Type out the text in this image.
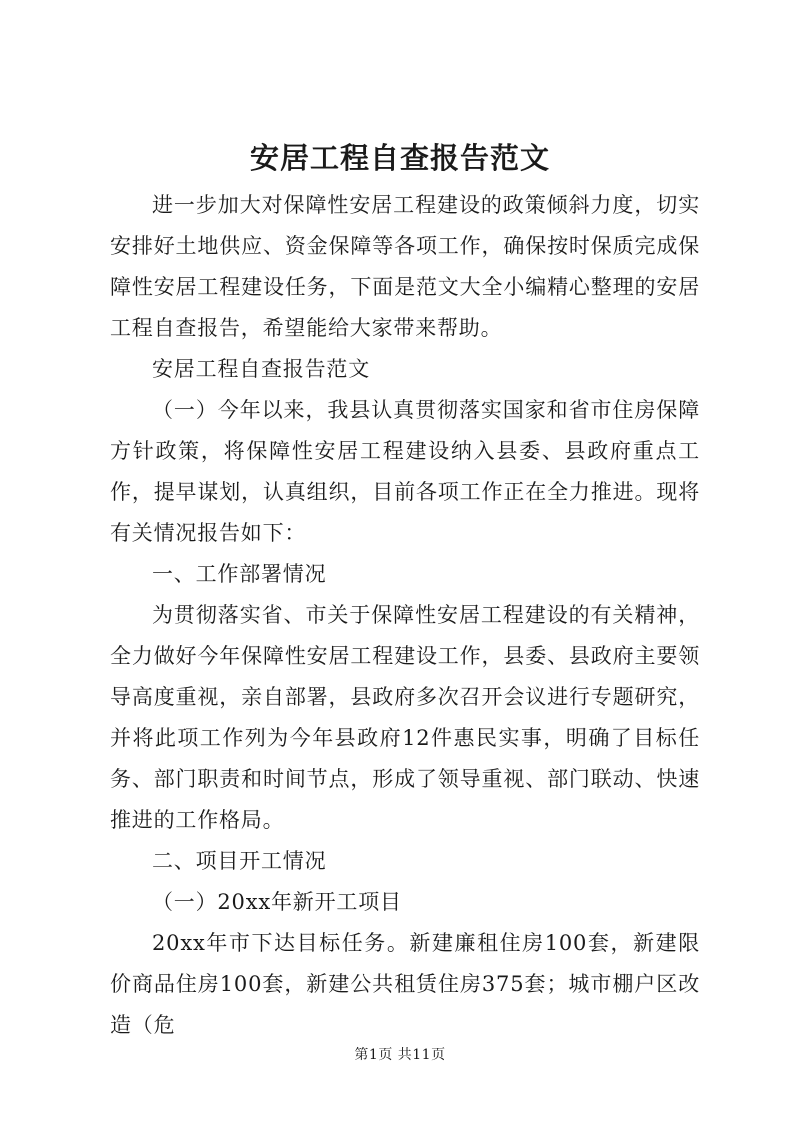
安居工程自查报告范文

进一步加大对保障性安居工程建设的政策倾斜力度，切实安排好土地供应、资金保障等各项工作，确保按时保质完成保障性安居工程建设任务，下面是范文大全小编精心整理的安居工程自查报告，希望能给大家带来帮助。

安居工程自查报告范文

（一）今年以来，我县认真贯彻落实国家和省市住房保障方针政策，将保障性安居工程建设纳入县委、县政府重点工作，提早谋划，认真组织，目前各项工作正在全力推进。现将有关情况报告如下：

一、工作部署情况

为贯彻落实省、市关于保障性安居工程建设的有关精神，全力做好今年保障性安居工程建设工作，县委、县政府主要领导高度重视，亲自部署，县政府多次召开会议进行专题研究，并将此项工作列为今年县政府12件惠民实事，明确了目标任务、部门职责和时间节点，形成了领导重视、部门联动、快速推进的工作格局。

二、项目开工情况

（一）20xx年新开工项目

20xx年市下达目标任务。新建廉租住房100套，新建限价商品住房100套，新建公共租赁住房375套；城市棚户区改造（危

第1页 共11页
